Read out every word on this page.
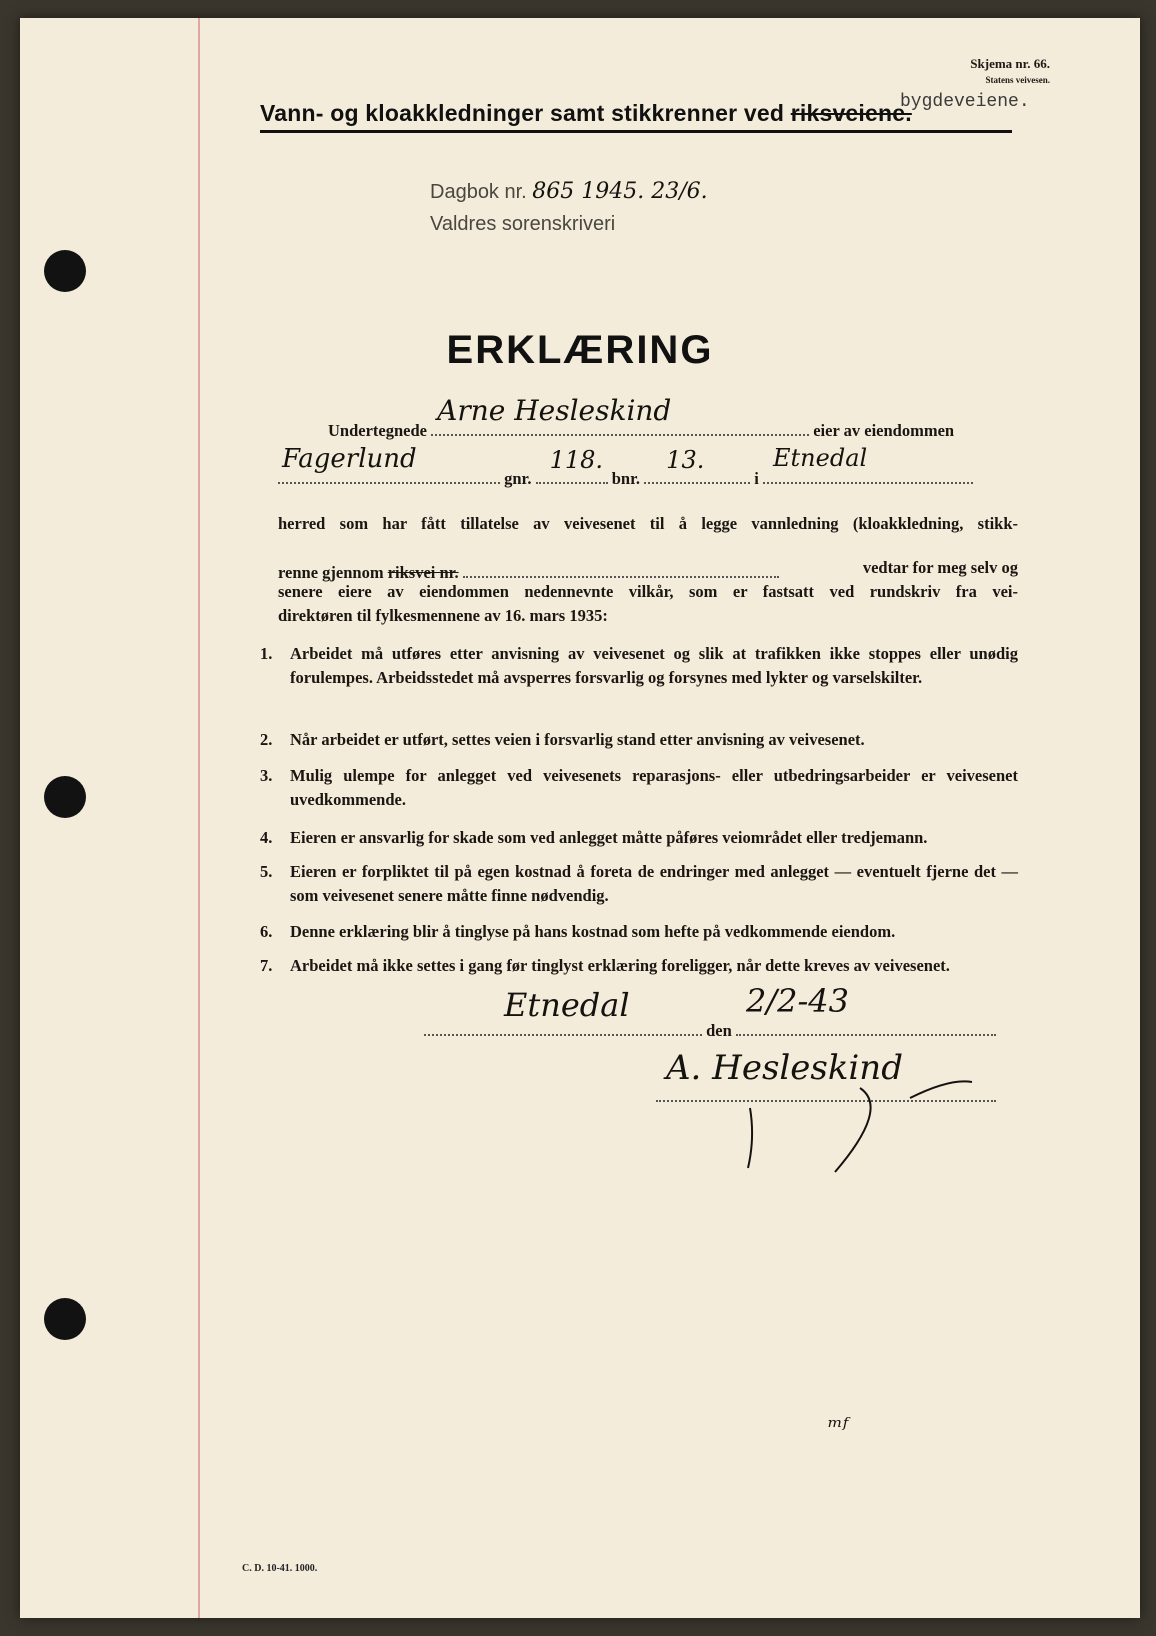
Skjema nr. 66.
Statens veivesen.
bygdeveiene.
Vann- og kloakkledninger samt stikkrenner ved riksveiene.
Dagbok nr. 865 1945. 23/6.
Valdres sorenskriveri
ERKLÆRING
Undertegnede
Arne Hesleskind
eier av eiendommen
Fagerlund
gnr.
118.
bnr.
13.
i
Etnedal
herred som har fått tillatelse av veivesenet til å legge vannledning (kloakkledning, stikk-
renne gjennom riksvei nr.	vedtar for meg selv og
senere eiere av eiendommen nedennevnte vilkår, som er fastsatt ved rundskriv fra vei-
direktøren til fylkesmennene av 16. mars 1935:
1.	Arbeidet må utføres etter anvisning av veivesenet og slik at trafikken ikke stoppes eller unødig forulempes. Arbeidsstedet må avsperres forsvarlig og forsynes med lykter og varselskilter.
2.	Når arbeidet er utført, settes veien i forsvarlig stand etter anvisning av veivesenet.
3.	Mulig ulempe for anlegget ved veivesenets reparasjons- eller utbedringsarbeider er veivesenet uvedkommende.
4.	Eieren er ansvarlig for skade som ved anlegget måtte påføres veiområdet eller tredjemann.
5.	Eieren er forpliktet til på egen kostnad å foreta de endringer med anlegget — eventuelt fjerne det — som veivesenet senere måtte finne nødvendig.
6.	Denne erklæring blir å tinglyse på hans kostnad som hefte på vedkommende eiendom.
7.	Arbeidet må ikke settes i gang før tinglyst erklæring foreligger, når dette kreves av veivesenet.
Etnedal
den
2/2-43
A. Hesleskind
ᵐᶠ
C. D. 10-41. 1000.
